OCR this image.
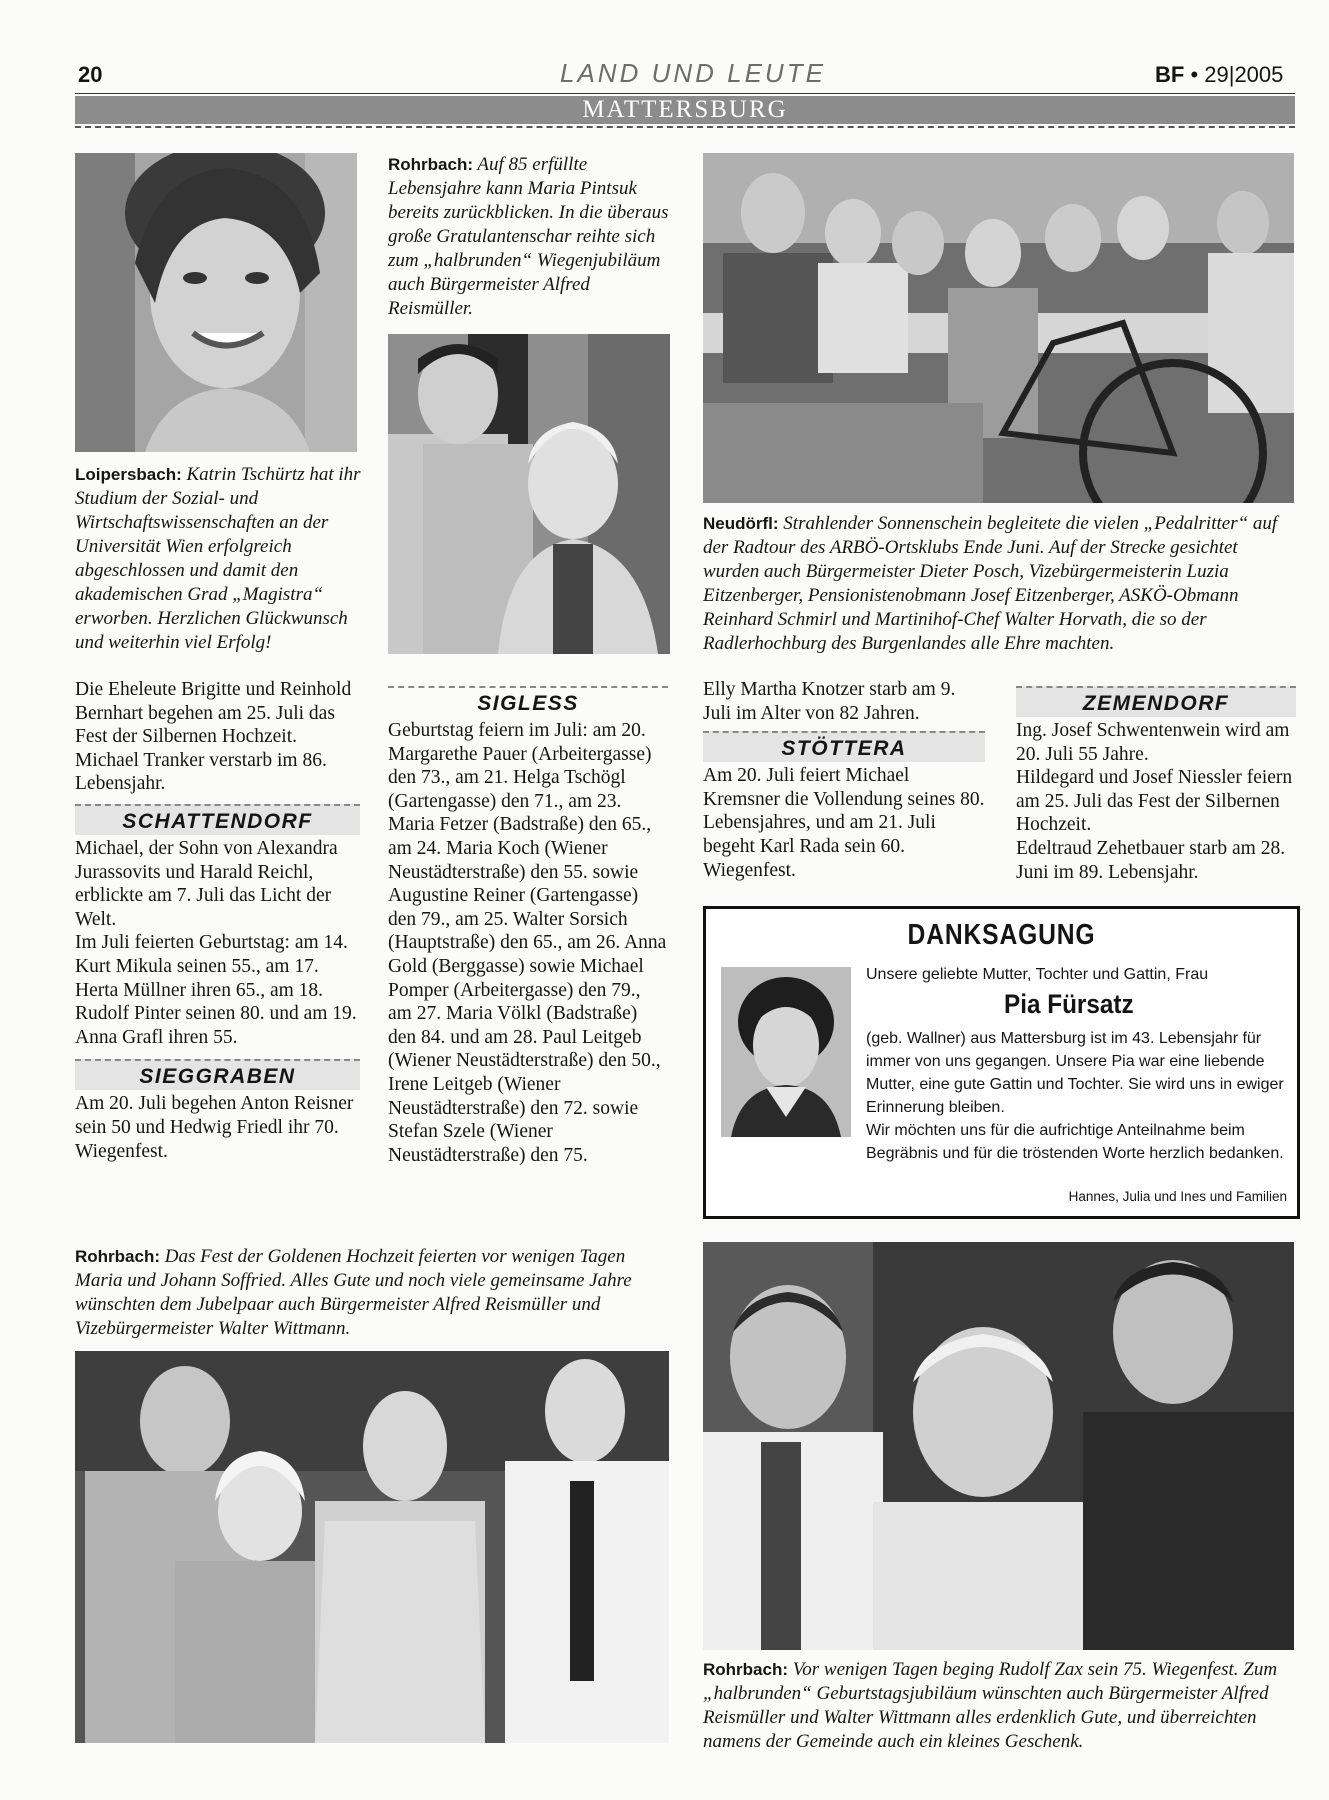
20	LAND UND LEUTE	BF • 29|2005
MATTERSBURG
Rohrbach: Auf 85 erfüllte Lebensjahre kann Maria Pintsuk bereits zurückblicken. In die überaus große Gratulantenschar reihte sich zum „halbrunden“ Wiegenjubiläum auch Bürgermeister Alfred Reismüller.
Loipersbach: Katrin Tschürtz hat ihr Studium der Sozial- und Wirtschaftswissenschaften an der Universität Wien erfolgreich abgeschlossen und damit den akademischen Grad „Magistra“ erworben. Herzlichen Glückwunsch und weiterhin viel Erfolg!
Neudörfl: Strahlender Sonnenschein begleitete die vielen „Pedalritter“ auf der Radtour des ARBÖ-Ortsklubs Ende Juni. Auf der Strecke gesichtet wurden auch Bürgermeister Dieter Posch, Vizebürgermeisterin Luzia Eitzenberger, Pensionistenobmann Josef Eitzenberger, ASKÖ-Obmann Reinhard Schmirl und Martinihof-Chef Walter Horvath, die so der Radlerhochburg des Burgenlandes alle Ehre machten.

Die Eheleute Brigitte und Reinhold Bernhart begehen am 25. Juli das Fest der Silbernen Hochzeit.

Michael Tranker verstarb im 86. Lebensjahr.

SCHATTENDORF

Michael, der Sohn von Alexandra Jurassovits und Harald Reichl, erblickte am 7. Juli das Licht der Welt.

Im Juli feierten Geburtstag: am 14. Kurt Mikula seinen 55., am 17. Herta Müllner ihren 65., am 18. Rudolf Pinter seinen 80. und am 19. Anna Grafl ihren 55.

SIEGGRABEN

Am 20. Juli begehen Anton Reisner sein 50 und Hedwig Friedl ihr 70. Wiegenfest.

SIGLESS

Geburtstag feiern im Juli: am 20. Margarethe Pauer (Arbeitergasse) den 73., am 21. Helga Tschögl (Gartengasse) den 71., am 23. Maria Fetzer (Badstraße) den 65., am 24. Maria Koch (Wiener Neustädterstraße) den 55. sowie Augustine Reiner (Gartengasse) den 79., am 25. Walter Sorsich (Hauptstraße) den 65., am 26. Anna Gold (Berggasse) sowie Michael Pomper (Arbeitergasse) den 79., am 27. Maria Völkl (Badstraße) den 84. und am 28. Paul Leitgeb (Wiener Neustädterstraße) den 50., Irene Leitgeb (Wiener Neustädterstraße) den 72. sowie Stefan Szele (Wiener Neustädterstraße) den 75.

Elly Martha Knotzer starb am 9. Juli im Alter von 82 Jahren.

STÖTTERA

Am 20. Juli feiert Michael Kremsner die Vollendung seines 80. Lebensjahres, und am 21. Juli begeht Karl Rada sein 60. Wiegenfest.

ZEMENDORF

Ing. Josef Schwentenwein wird am 20. Juli 55 Jahre.

Hildegard und Josef Niessler feiern am 25. Juli das Fest der Silbernen Hochzeit.

Edeltraud Zehetbauer starb am 28. Juni im 89. Lebensjahr.

DANKSAGUNG
Unsere geliebte Mutter, Tochter und Gattin, Frau
Pia Fürsatz

(geb. Wallner) aus Mattersburg ist im 43. Lebensjahr für immer von uns gegangen. Unsere Pia war eine liebende Mutter, eine gute Gattin und Tochter. Sie wird uns in ewiger Erinnerung bleiben.

Wir möchten uns für die aufrichtige Anteilnahme beim Begräbnis und für die tröstenden Worte herzlich bedanken.

Hannes, Julia und Ines und Familien
Rohrbach: Das Fest der Goldenen Hochzeit feierten vor wenigen Tagen Maria und Johann Soffried. Alles Gute und noch viele gemeinsame Jahre wünschten dem Jubelpaar auch Bürgermeister Alfred Reismüller und Vizebürgermeister Walter Wittmann.
Rohrbach: Vor wenigen Tagen beging Rudolf Zax sein 75. Wiegenfest. Zum „halbrunden“ Geburtstagsjubiläum wünschten auch Bürgermeister Alfred Reismüller und Walter Wittmann alles erdenklich Gute, und überreichten namens der Gemeinde auch ein kleines Geschenk.
